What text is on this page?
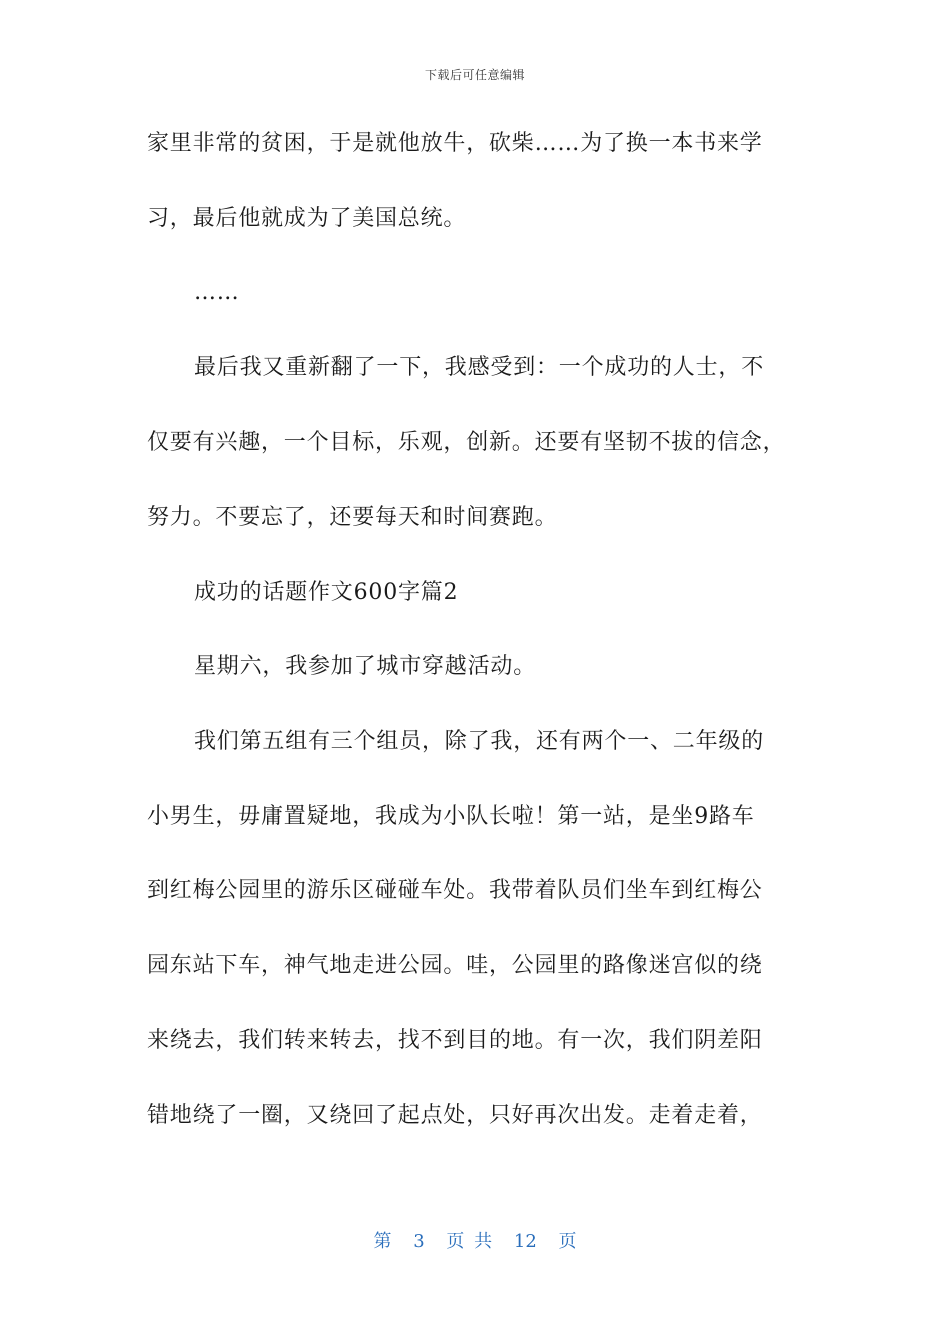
下载后可任意编辑
家里非常的贫困，于是就他放牛，砍柴……为了换一本书来学
习，最后他就成为了美国总统。
……
最后我又重新翻了一下，我感受到：一个成功的人士，不
仅要有兴趣，一个目标，乐观，创新。还要有坚韧不拔的信念，
努力。不要忘了，还要每天和时间赛跑。
成功的话题作文600字篇2
星期六，我参加了城市穿越活动。
我们第五组有三个组员，除了我，还有两个一、二年级的
小男生，毋庸置疑地，我成为小队长啦！第一站，是坐9路车
到红梅公园里的游乐区碰碰车处。我带着队员们坐车到红梅公
园东站下车，神气地走进公园。哇，公园里的路像迷宫似的绕
来绕去，我们转来转去，找不到目的地。有一次，我们阴差阳
错地绕了一圈，又绕回了起点处，只好再次出发。走着走着，
第 3 页 共 12 页
